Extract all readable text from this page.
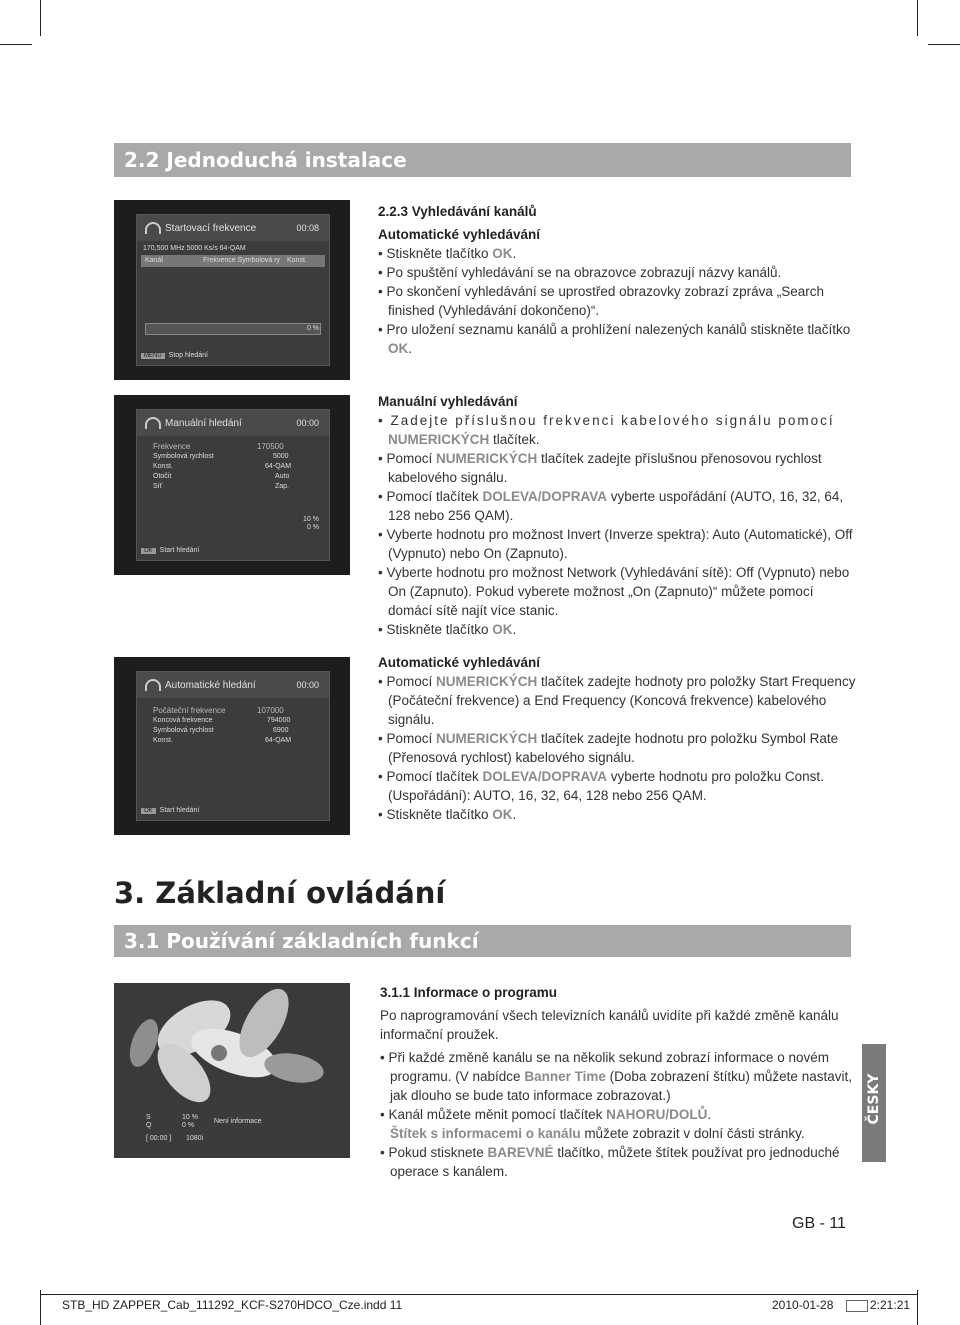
2.2 Jednoduchá instalace
Startovací frekvence	00:08
170,500 MHz 5000 Ks/s 64-QAM
Kanál	Frekvence Symbolová ry Konst.
0 %
MENU Stop hledání

2.2.3 Vyhledávání kanálů

Automatické vyhledávání

• Stiskněte tlačítko OK.

• Po spuštění vyhledávání se na obrazovce zobrazují názvy kanálů.

• Po skončení vyhledávání se uprostřed obrazovky zobrazí zpráva „Search finished (Vyhledávání dokončeno)“.

• Pro uložení seznamu kanálů a prohlížení nalezených kanálů stiskněte tlačítko OK.

Manuální hledání	00:00
Frekvence	170500
Symbolová rychlost	5000
Konst.	64-QAM
Otočit	Auto
Síť	Zap.
10 %
0 %
OK Start hledání

Manuální vyhledávání

• Zadejte příslušnou frekvenci kabelového signálu pomocí NUMERICKÝCH tlačítek.

• Pomocí NUMERICKÝCH tlačítek zadejte příslušnou přenosovou rychlost kabelového signálu.

• Pomocí tlačítek DOLEVA/DOPRAVA vyberte uspořádání (AUTO, 16, 32, 64, 128 nebo 256 QAM).

• Vyberte hodnotu pro možnost Invert (Inverze spektra): Auto (Automatické), Off (Vypnuto) nebo On (Zapnuto).

• Vyberte hodnotu pro možnost Network (Vyhledávání sítě): Off (Vypnuto) nebo On (Zapnuto). Pokud vyberete možnost „On (Zapnuto)“ můžete pomocí domácí sítě najít více stanic.

• Stiskněte tlačítko OK.

Automatické hledání	00:00
Počáteční frekvence	107000
Koncová frekvence	794000
Symbolová rychlost	6900
Konst.	64-QAM
OK Start hledání

Automatické vyhledávání

• Pomocí NUMERICKÝCH tlačítek zadejte hodnoty pro položky Start Frequency (Počáteční frekvence) a End Frequency (Koncová frekvence) kabelového signálu.

• Pomocí NUMERICKÝCH tlačítek zadejte hodnotu pro položku Symbol Rate (Přenosová rychlost) kabelového signálu.

• Pomocí tlačítek DOLEVA/DOPRAVA vyberte hodnotu pro položku Const. (Uspořádání): AUTO, 16, 32, 64, 128 nebo 256 QAM.

• Stiskněte tlačítko OK.

3. Základní ovládání
3.1 Používání základních funkcí
S	10 %
Q	0 %
Není informace
[ 00:00 ] 1080i

3.1.1 Informace o programu

Po naprogramování všech televizních kanálů uvidíte při každé změně kanálu informační proužek.

• Při každé změně kanálu se na několik sekund zobrazí informace o novém programu. (V nabídce Banner Time (Doba zobrazení štítku) můžete nastavit, jak dlouho se bude tato informace zobrazovat.)

• Kanál můžete měnit pomocí tlačítek NAHORU/DOLŮ.

Štítek s informacemi o kanálu můžete zobrazit v dolní části stránky.

• Pokud stisknete BAREVNÉ tlačítko, můžete štítek používat pro jednoduché operace s kanálem.

ČESKY
GB - 11
STB_HD ZAPPER_Cab_111292_KCF-S270HDCO_Cze.indd 11	2010-01-28	2:21:21
